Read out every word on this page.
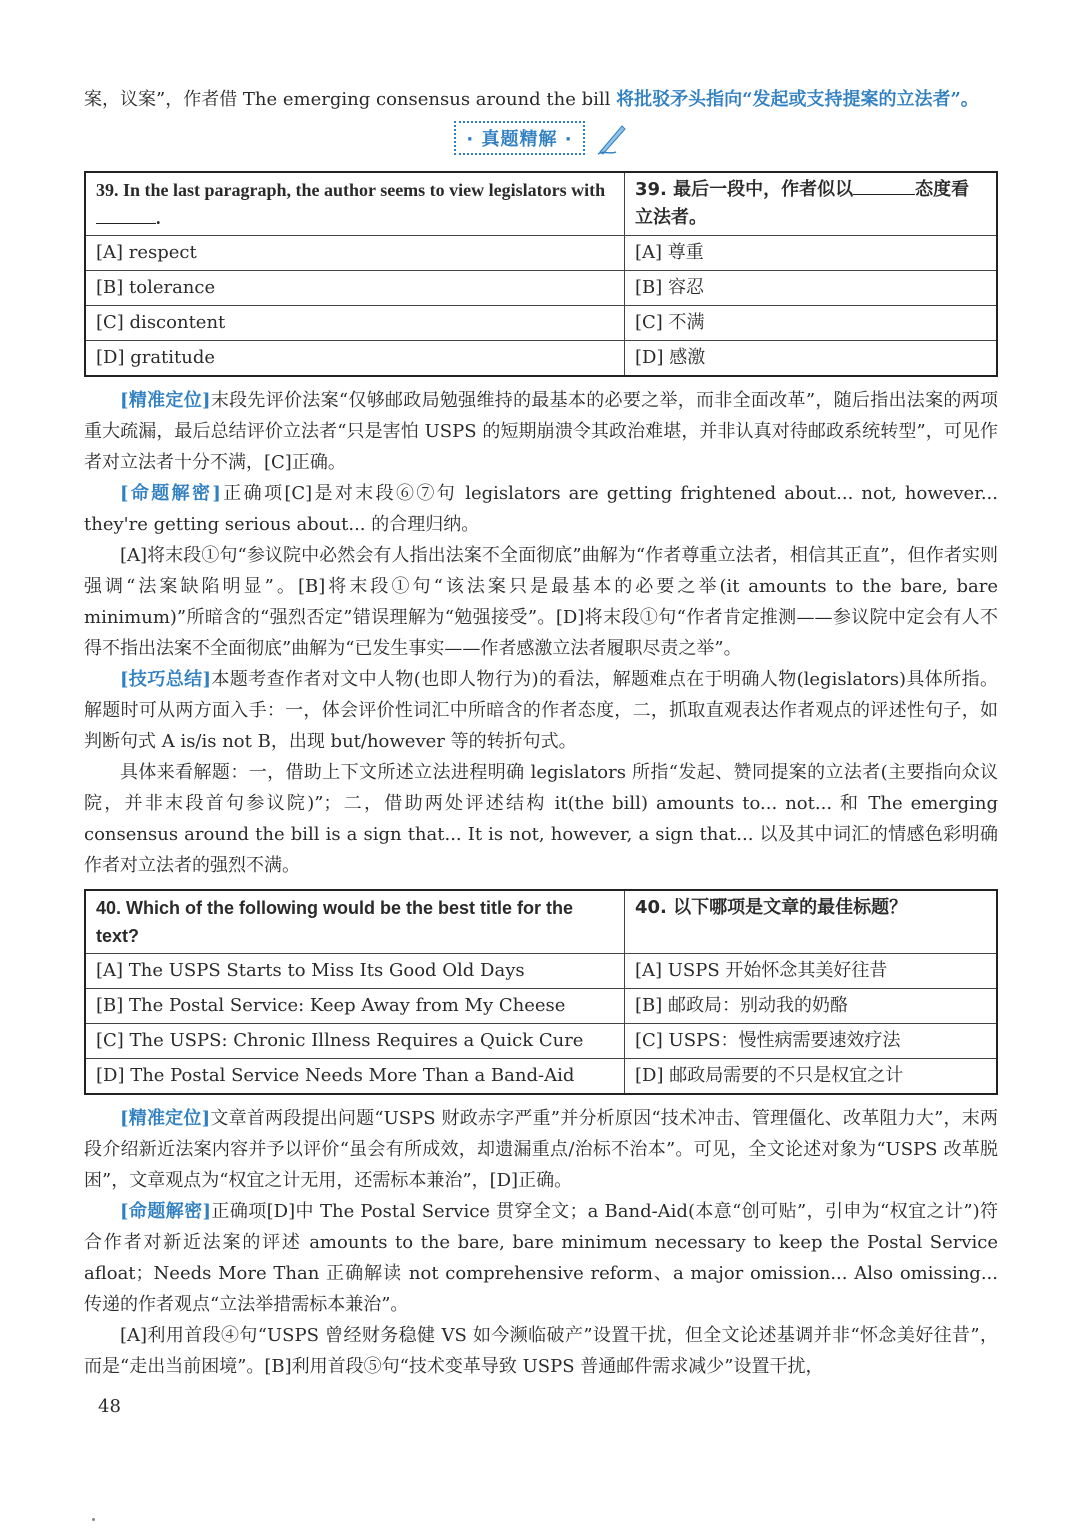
案，议案”，作者借 The emerging consensus around the bill 将批驳矛头指向“发起或支持提案的立法者”。

· 真题精解 ·
39. In the last paragraph, the author seems to view legislators with .	39. 最后一段中，作者似以 态度看立法者。
[A] respect	[A] 尊重
[B] tolerance	[B] 容忍
[C] discontent	[C] 不满
[D] gratitude	[D] 感激

[精准定位]末段先评价法案“仅够邮政局勉强维持的最基本的必要之举，而非全面改革”，随后指出法案的两项重大疏漏，最后总结评价立法者“只是害怕 USPS 的短期崩溃令其政治难堪，并非认真对待邮政系统转型”，可见作者对立法者十分不满，[C]正确。

[命题解密]正确项[C]是对末段⑥⑦句 legislators are getting frightened about... not, however... they're getting serious about... 的合理归纳。

[A]将末段①句“参议院中必然会有人指出法案不全面彻底”曲解为“作者尊重立法者，相信其正直”，但作者实则强调“法案缺陷明显”。[B]将末段①句“该法案只是最基本的必要之举(it amounts to the bare, bare minimum)”所暗含的“强烈否定”错误理解为“勉强接受”。[D]将末段①句“作者肯定推测——参议院中定会有人不得不指出法案不全面彻底”曲解为“已发生事实——作者感激立法者履职尽责之举”。

[技巧总结]本题考查作者对文中人物(也即人物行为)的看法，解题难点在于明确人物(legislators)具体所指。解题时可从两方面入手：一，体会评价性词汇中所暗含的作者态度，二，抓取直观表达作者观点的评述性句子，如判断句式 A is/is not B，出现 but/however 等的转折句式。

具体来看解题：一，借助上下文所述立法进程明确 legislators 所指“发起、赞同提案的立法者(主要指向众议院，并非末段首句参议院)”；二，借助两处评述结构 it(the bill) amounts to... not... 和 The emerging consensus around the bill is a sign that... It is not, however, a sign that... 以及其中词汇的情感色彩明确作者对立法者的强烈不满。

40. Which of the following would be the best title for the text?	40. 以下哪项是文章的最佳标题？
[A] The USPS Starts to Miss Its Good Old Days	[A] USPS 开始怀念其美好往昔
[B] The Postal Service: Keep Away from My Cheese	[B] 邮政局：别动我的奶酪
[C] The USPS: Chronic Illness Requires a Quick Cure	[C] USPS：慢性病需要速效疗法
[D] The Postal Service Needs More Than a Band-Aid	[D] 邮政局需要的不只是权宜之计

[精准定位]文章首两段提出问题“USPS 财政赤字严重”并分析原因“技术冲击、管理僵化、改革阻力大”，末两段介绍新近法案内容并予以评价“虽会有所成效，却遗漏重点/治标不治本”。可见，全文论述对象为“USPS 改革脱困”，文章观点为“权宜之计无用，还需标本兼治”，[D]正确。

[命题解密]正确项[D]中 The Postal Service 贯穿全文；a Band-Aid(本意“创可贴”，引申为“权宜之计”)符合作者对新近法案的评述 amounts to the bare, bare minimum necessary to keep the Postal Service afloat；Needs More Than 正确解读 not comprehensive reform、a major omission... Also omissing... 传递的作者观点“立法举措需标本兼治”。

[A]利用首段④句“USPS 曾经财务稳健 VS 如今濒临破产”设置干扰，但全文论述基调并非“怀念美好往昔”，而是“走出当前困境”。[B]利用首段⑤句“技术变革导致 USPS 普通邮件需求减少”设置干扰，

48
